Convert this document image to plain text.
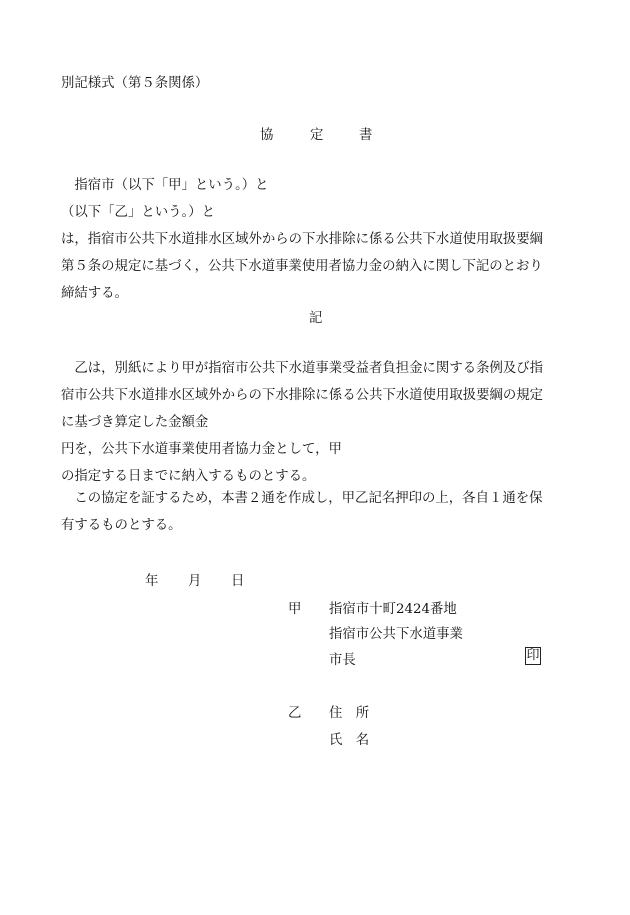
別記様式（第５条関係）
協	定	書
　指宿市（以下「甲」という。）と
（以下「乙」という。）と
は，指宿市公共下水道排水区域外からの下水排除に係る公共下水道使用取扱要綱
第５条の規定に基づく，公共下水道事業使用者協力金の納入に関し下記のとおり
締結する。
記
　乙は，別紙により甲が指宿市公共下水道事業受益者負担金に関する条例及び指
宿市公共下水道排水区域外からの下水排除に係る公共下水道使用取扱要綱の規定
に基づき算定した金額金
円を，公共下水道事業使用者協力金として，甲
の指定する日までに納入するものとする。
　この協定を証するため，本書２通を作成し，甲乙記名押印の上，各自１通を保
有するものとする。
年 月 日
甲 指宿市十町2424番地
指宿市公共下水道事業
市長	印
乙 住　所
氏　名
